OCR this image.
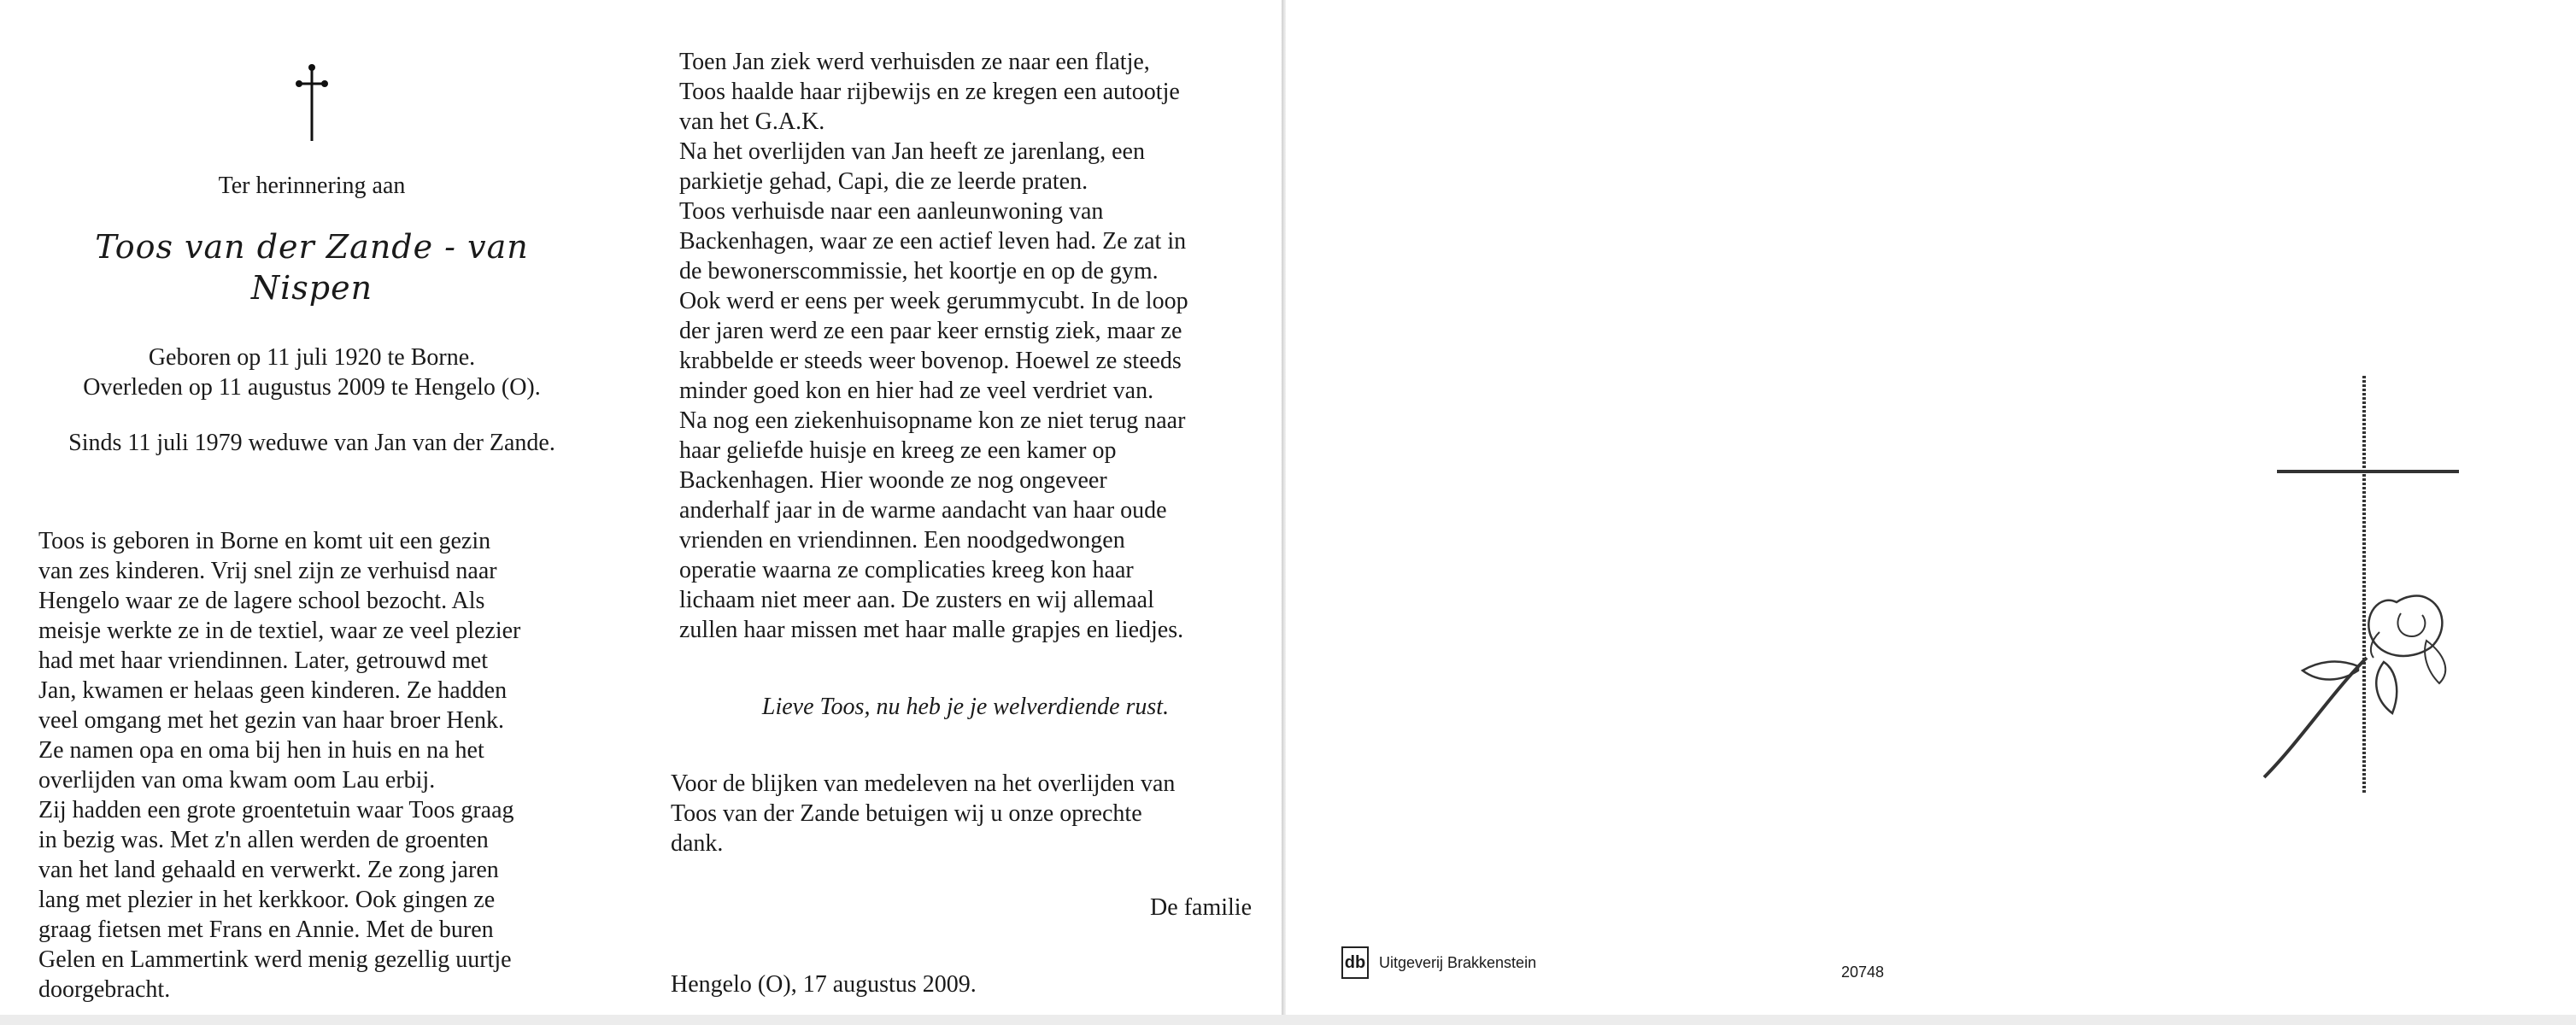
Ter herinnering aan

Toos van der Zande - van Nispen

Geboren op 11 juli 1920 te Borne.

Overleden op 11 augustus 2009 te Hengelo (O).

Sinds 11 juli 1979 weduwe van Jan van der Zande.

Toos is geboren in Borne en komt uit een gezin

van zes kinderen. Vrij snel zijn ze verhuisd naar

Hengelo waar ze de lagere school bezocht. Als

meisje werkte ze in de textiel, waar ze veel plezier

had met haar vriendinnen. Later, getrouwd met

Jan, kwamen er helaas geen kinderen. Ze hadden

veel omgang met het gezin van haar broer Henk.

Ze namen opa en oma bij hen in huis en na het

overlijden van oma kwam oom Lau erbij.

Zij hadden een grote groentetuin waar Toos graag

in bezig was. Met z'n allen werden de groenten

van het land gehaald en verwerkt. Ze zong jaren

lang met plezier in het kerkkoor. Ook gingen ze

graag fietsen met Frans en Annie. Met de buren

Gelen en Lammertink werd menig gezellig uurtje

doorgebracht.

Toen Jan ziek werd verhuisden ze naar een flatje,

Toos haalde haar rijbewijs en ze kregen een autootje

van het G.A.K.

Na het overlijden van Jan heeft ze jarenlang, een

parkietje gehad, Capi, die ze leerde praten.

Toos verhuisde naar een aanleunwoning van

Backenhagen, waar ze een actief leven had. Ze zat in

de bewonerscommissie, het koortje en op de gym.

Ook werd er eens per week gerummycubt. In de loop

der jaren werd ze een paar keer ernstig ziek, maar ze

krabbelde er steeds weer bovenop. Hoewel ze steeds

minder goed kon en hier had ze veel verdriet van.

Na nog een ziekenhuisopname kon ze niet terug naar

haar geliefde huisje en kreeg ze een kamer op

Backenhagen. Hier woonde ze nog ongeveer

anderhalf jaar in de warme aandacht van haar oude

vrienden en vriendinnen. Een noodgedwongen

operatie waarna ze complicaties kreeg kon haar

lichaam niet meer aan. De zusters en wij allemaal

zullen haar missen met haar malle grapjes en liedjes.

Lieve Toos, nu heb je je welverdiende rust.

Voor de blijken van medeleven na het overlijden van

Toos van der Zande betuigen wij u onze oprechte

dank.

De familie

Hengelo (O), 17 augustus 2009.

db Uitgeverij Brakkenstein
20748
